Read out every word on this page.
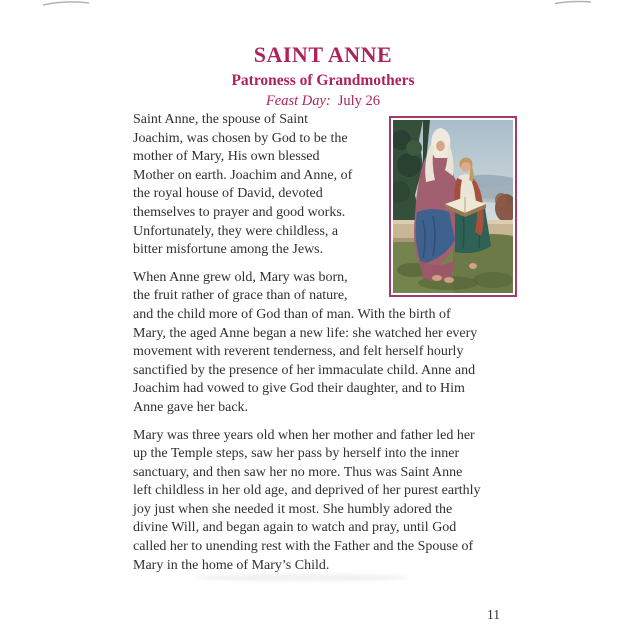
SAINT ANNE
Patroness of Grandmothers
Feast Day: July 26
Saint Anne, the spouse of Saint
Joachim, was chosen by God to be the
mother of Mary, His own blessed
Mother on earth. Joachim and Anne, of
the royal house of David, devoted
themselves to prayer and good works.
Unfortunately, they were childless, a
bitter misfortune among the Jews.
When Anne grew old, Mary was born,
the fruit rather of grace than of nature,
and the child more of God than of man. With the birth of
Mary, the aged Anne began a new life: she watched her every
movement with reverent tenderness, and felt herself hourly
sanctified by the presence of her immaculate child. Anne and
Joachim had vowed to give God their daughter, and to Him
Anne gave her back.
Mary was three years old when her mother and father led her
up the Temple steps, saw her pass by herself into the inner
sanctuary, and then saw her no more. Thus was Saint Anne
left childless in her old age, and deprived of her purest earthly
joy just when she needed it most. She humbly adored the
divine Will, and began again to watch and pray, until God
called her to unending rest with the Father and the Spouse of
Mary in the home of Mary’s Child.
11
